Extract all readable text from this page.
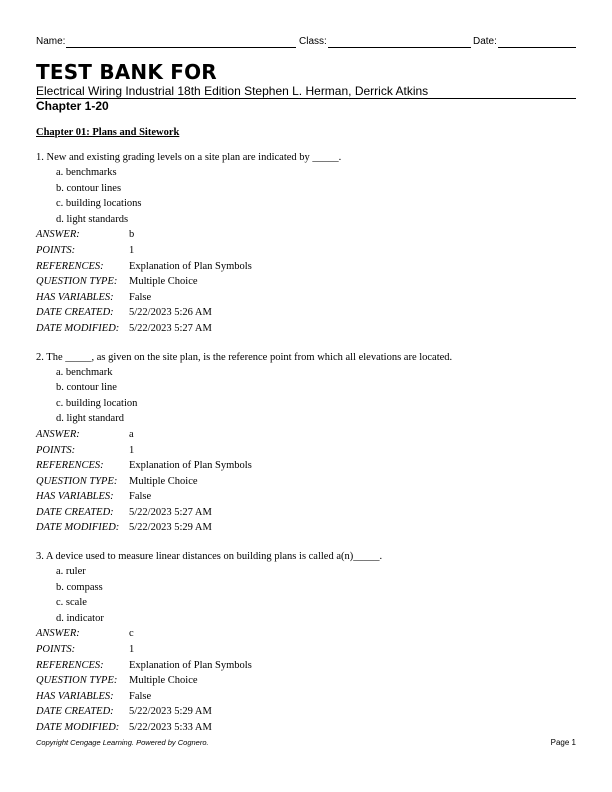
Name:	Class:	Date:
TEST BANK FOR
Electrical Wiring Industrial 18th Edition Stephen L. Herman, Derrick Atkins
Chapter 1-20
Chapter 01: Plans and Sitework
1. New and existing grading levels on a site plan are indicated by _____.
a. benchmarks
b. contour lines
c. building locations
d. light standards
ANSWER:	b
POINTS:	1
REFERENCES:	Explanation of Plan Symbols
QUESTION TYPE:	Multiple Choice
HAS VARIABLES:	False
DATE CREATED:	5/22/2023 5:26 AM
DATE MODIFIED: 5/22/2023 5:27 AM
2. The _____, as given on the site plan, is the reference point from which all elevations are located.
a. benchmark
b. contour line
c. building location
d. light standard
ANSWER:	a
POINTS:	1
REFERENCES:	Explanation of Plan Symbols
QUESTION TYPE:	Multiple Choice
HAS VARIABLES:	False
DATE CREATED:	5/22/2023 5:27 AM
DATE MODIFIED: 5/22/2023 5:29 AM
3. A device used to measure linear distances on building plans is called a(n)_____.
a. ruler
b. compass
c. scale
d. indicator
ANSWER:	c
POINTS:	1
REFERENCES:	Explanation of Plan Symbols
QUESTION TYPE:	Multiple Choice
HAS VARIABLES:	False
DATE CREATED:	5/22/2023 5:29 AM
DATE MODIFIED: 5/22/2023 5:33 AM
Copyright Cengage Learning. Powered by Cognero.	Page 1
